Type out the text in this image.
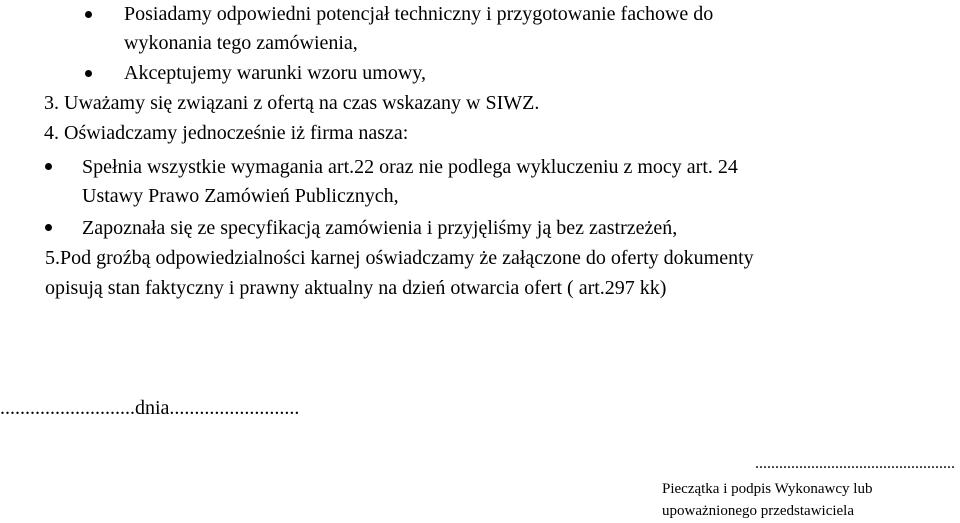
Posiadamy odpowiedni potencjał techniczny i przygotowanie fachowe do

wykonania tego zamówienia,

Akceptujemy warunki wzoru umowy,

3. Uważamy się związani z ofertą na czas wskazany w SIWZ.

4. Oświadczamy jednocześnie iż firma nasza:

Spełnia wszystkie wymagania art.22 oraz nie podlega wykluczeniu z mocy art. 24

Ustawy Prawo Zamówień Publicznych,

Zapoznała się ze specyfikacją zamówienia i przyjęliśmy ją bez zastrzeżeń,

5.Pod groźbą odpowiedzialności karnej oświadczamy że załączone do oferty dokumenty

opisują stan faktyczny i prawny aktualny na dzień otwarcia ofert ( art.297 kk)

...........................dnia..........................

..................................................

Pieczątka i podpis Wykonawcy lub

upoważnionego przedstawiciela
